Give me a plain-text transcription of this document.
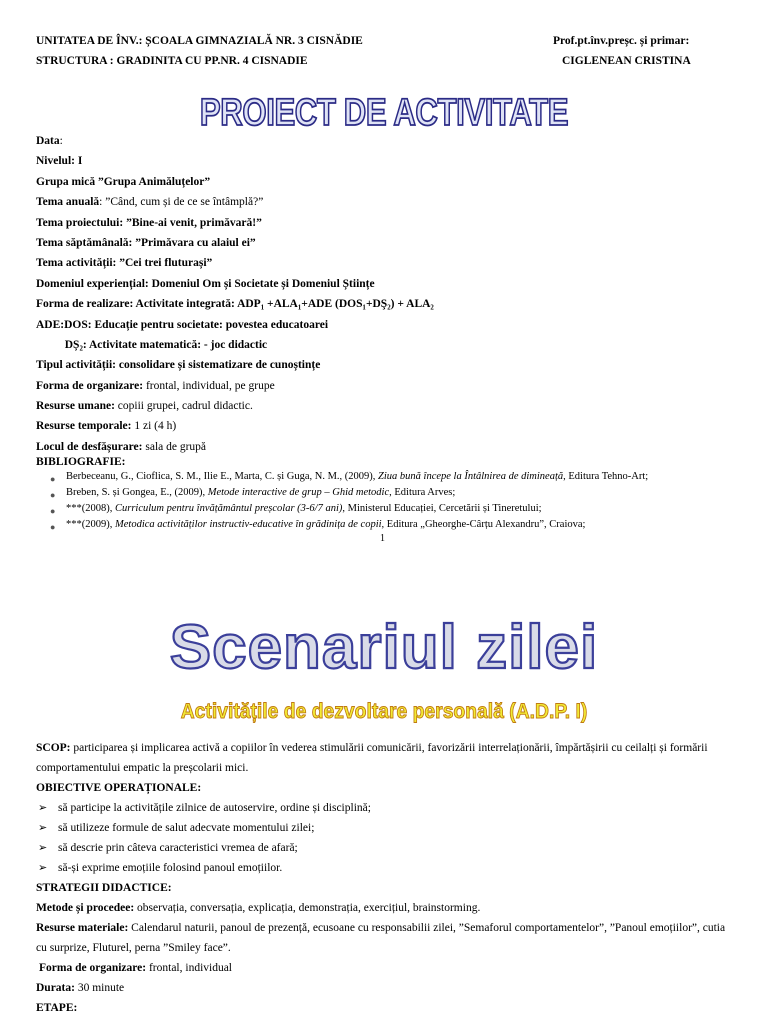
UNITATEA DE ÎNV.: ȘCOALA GIMNAZIALĂ NR. 3 CISNĂDIE
STRUCTURA : GRADINITA CU PP.NR. 4 CISNADIE
Prof.pt.înv.preșc. și primar:
CIGLENEAN CRISTINA
PROIECT DE ACTIVITATE
Data:
Nivelul: I
Grupa mică ”Grupa Animăluțelor”
Tema anuală: ”Când, cum și de ce se întâmplă?”
Tema proiectului: ”Bine-ai venit, primăvară!”
Tema săptămânală: ”Primăvara cu alaiul ei”
Tema activității: ”Cei trei fluturași”
Domeniul experiențial: Domeniul Om și Societate și Domeniul Științe
Forma de realizare: Activitate integrată: ADP₁ +ALA₁+ADE (DOS₁+DŞ₂) + ALA₂
ADE:DOS: Educație pentru societate: povestea educatoarei
DȘ₂: Activitate matematică: - joc didactic
Tipul activității: consolidare și sistematizare de cunoștințe
Forma de organizare: frontal, individual, pe grupe
Resurse umane: copiii grupei, cadrul didactic.
Resurse temporale: 1 zi (4 h)
Locul de desfășurare: sala de grupă
BIBLIOGRAFIE:
● Berbeceanu, G., Cioflica, S. M., Ilie E., Marta, C. și Guga, N. M., (2009), Ziua bună începe la Întâlnirea de dimineață, Editura Tehno-Art;
● Breben, S. și Gongea, E., (2009), Metode interactive de grup – Ghid metodic, Editura Arves;
● ***(2008), Curriculum pentru învățământul preșcolar (3-6/7 ani), Ministerul Educației, Cercetării și Tineretului;
● ***(2009), Metodica activităților instructiv-educative în grădinița de copii, Editura „Gheorghe-Cârțu Alexandru”, Craiova;
1
Scenariul zilei
Activitățile de dezvoltare personală (A.D.P. I)
SCOP: participarea și implicarea activă a copiilor în vederea stimulării comunicării, favorizării interrelaționării, împărtășirii cu ceilalți și formării comportamentului empatic la preșcolarii mici.
OBIECTIVE OPERAȚIONALE:
➢ să participe la activitățile zilnice de autoservire, ordine și disciplină;
➢ să utilizeze formule de salut adecvate momentului zilei;
➢ să descrie prin câteva caracteristici vremea de afară;
➢ să-și exprime emoțiile folosind panoul emoțiilor.
STRATEGII DIDACTICE:
Metode și procedee: observația, conversația, explicația, demonstrația, exercițiul, brainstorming.
Resurse materiale: Calendarul naturii, panoul de prezență, ecusoane cu responsabilii zilei, ”Semaforul comportamentelor”, ”Panoul emoțiilor”, cutia cu surprize, Fluturel, perna ”Smiley face”.
Forma de organizare: frontal, individual
Durata: 30 minute
ETAPE:
